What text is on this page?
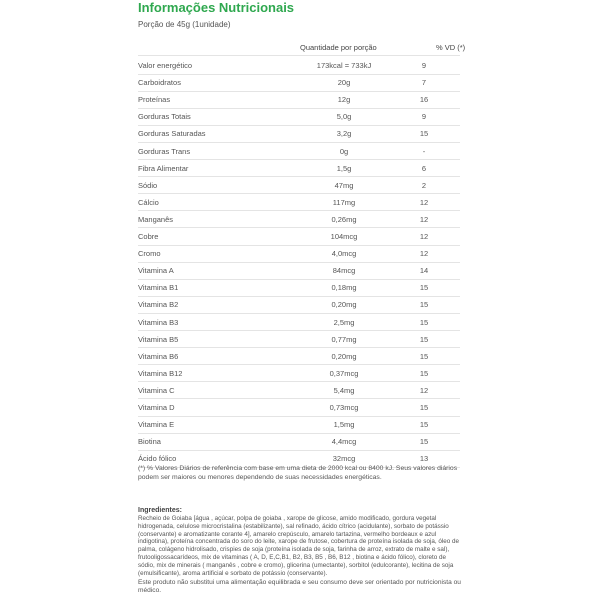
Informações Nutricionais
Porção de 45g (1unidade)
Quantidade por porção	% VD (*)
Valor energético	173kcal = 733kJ	9
Carboidratos	20g	7
Proteínas	12g	16
Gorduras Totais	5,0g	9
Gorduras Saturadas	3,2g	15
Gorduras Trans	0g	-
Fibra Alimentar	1,5g	6
Sódio	47mg	2
Cálcio	117mg	12
Manganês	0,26mg	12
Cobre	104mcg	12
Cromo	4,0mcg	12
Vitamina A	84mcg	14
Vitamina B1	0,18mg	15
Vitamina B2	0,20mg	15
Vitamina B3	2,5mg	15
Vitamina B5	0,77mg	15
Vitamina B6	0,20mg	15
Vitamina B12	0,37mcg	15
Vitamina C	5,4mg	12
Vitamina D	0,73mcg	15
Vitamina E	1,5mg	15
Biotina	4,4mcg	15
Ácido fólico	32mcg	13
(*) % Valores Diários de referência com base em uma dieta de 2000 kcal ou 8400 kJ. Seus valores diários podem ser maiores ou menores dependendo de suas necessidades energéticas.
Ingredientes:
Recheio de Goiaba [água , açúcar, polpa de goiaba , xarope de glicose, amido modificado, gordura vegetal hidrogenada, celulose microcristalina (estabilizante), sal refinado, ácido cítrico (acidulante), sorbato de potássio (conservante) e aromatizante corante 4], amarelo crepúsculo, amarelo tartazina, vermelho bordeaux e azul indigotina), proteína concentrada do soro do leite, xarope de frutose, cobertura de proteína isolada de soja, óleo de palma, colágeno hidrolisado, crispies de soja (proteína isolada de soja, farinha de arroz, extrato de malte e sal), frutooligossacarídeos, mix de vitaminas ( A, D, E,C,B1, B2, B3, B5 , B6, B12 , biotina e ácido fólico), cloreto de sódio, mix de minerais ( manganês , cobre e cromo), glicerina (umectante), sorbitol (edulcorante), lecitina de soja (emulsificante), aroma artificial e sorbato de potássio (conservante).
Este produto não substitui uma alimentação equilibrada e seu consumo deve ser orientado por nutricionista ou médico.
